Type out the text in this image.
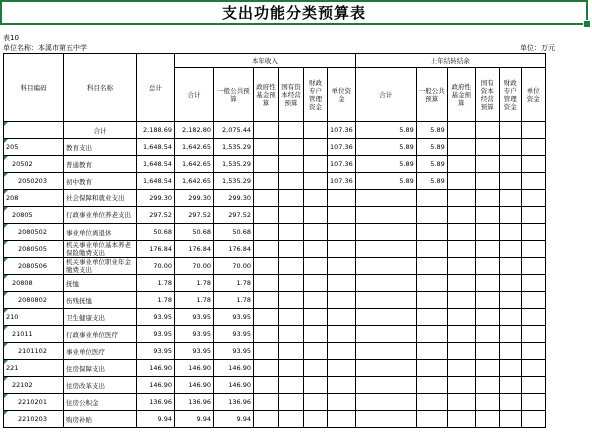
支出功能分类预算表
表10
单位名称：本溪市第五中学	单位：万元
科目编码	科目名称	总计	本年收入						上年结转结余					
			合计	一般公共预算	政府性基金预算	国有资本经营预算	财政专户管理资金	单位资金	合计	一般公共预算	政府性基金预算	国有资本经营预算	财政专户管理资金	单位资金
	合计	2,188.69	2,182.80	2,075.44				107.36	5.89	5.89				
205	教育支出	1,648.54	1,642.65	1,535.29				107.36	5.89	5.89				
20502	普通教育	1,648.54	1,642.65	1,535.29				107.36	5.89	5.89				
2050203	初中教育	1,648.54	1,642.65	1,535.29				107.36	5.89	5.89				
208	社会保障和就业支出	299.30	299.30	299.30										
20805	行政事业单位养老支出	297.52	297.52	297.52										
2080502	事业单位离退休	50.68	50.68	50.68										
2080505	机关事业单位基本养老保险缴费支出	176.84	176.84	176.84										
2080506	机关事业单位职业年金缴费支出	70.00	70.00	70.00										
20808	抚恤	1.78	1.78	1.78										
2080802	伤残抚恤	1.78	1.78	1.78										
210	卫生健康支出	93.95	93.95	93.95										
21011	行政事业单位医疗	93.95	93.95	93.95										
2101102	事业单位医疗	93.95	93.95	93.95										
221	住房保障支出	146.90	146.90	146.90										
22102	住房改革支出	146.90	146.90	146.90										
2210201	住房公积金	136.96	136.96	136.96										
2210203	购房补贴	9.94	9.94	9.94										
